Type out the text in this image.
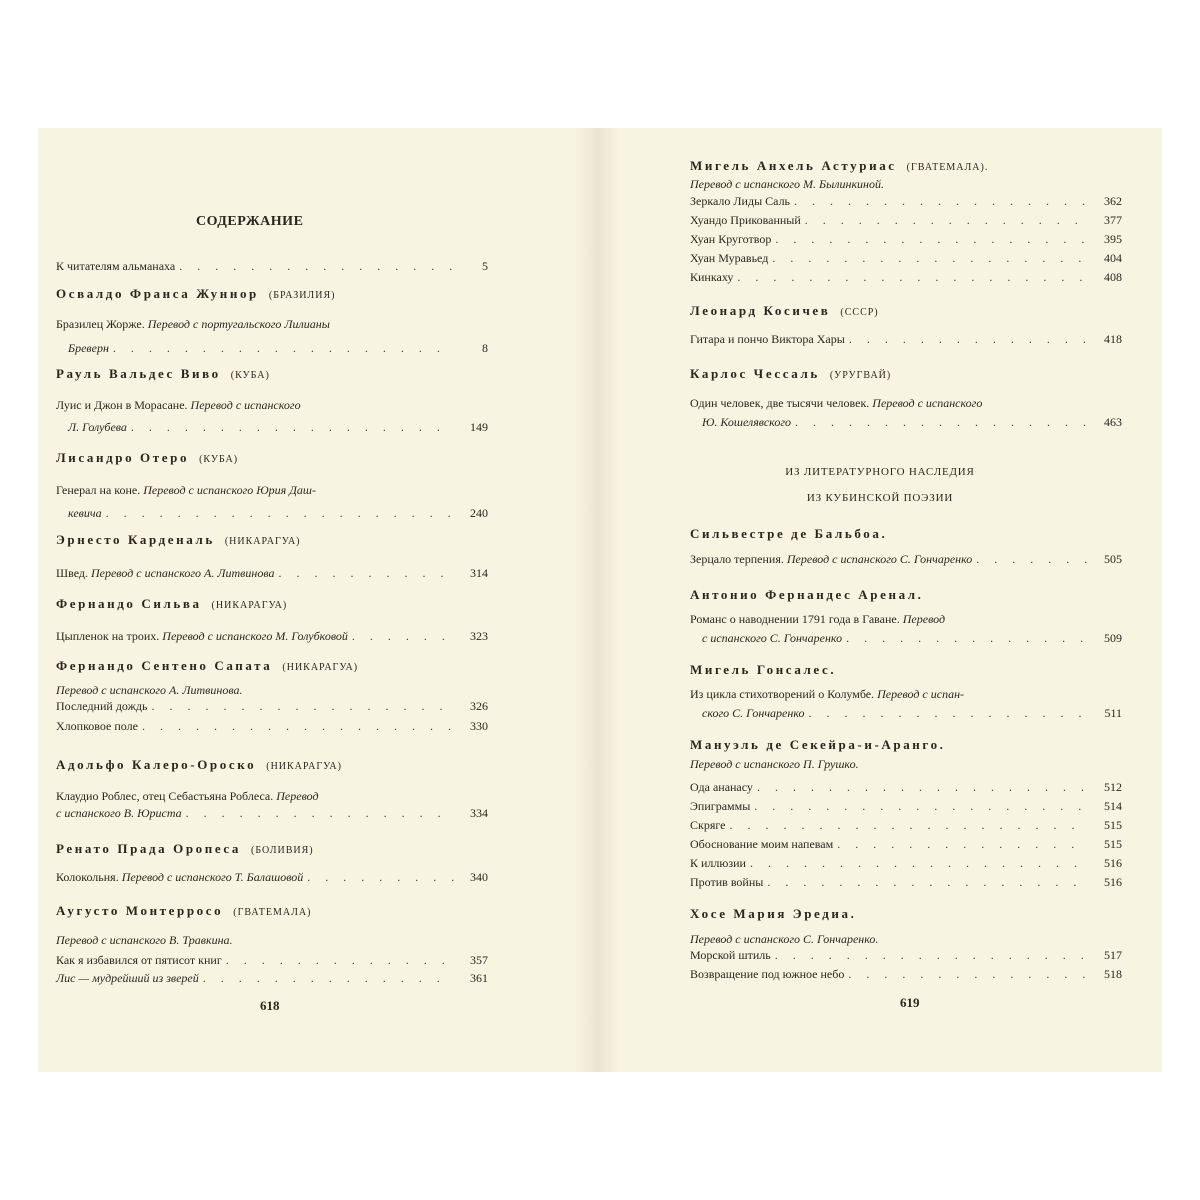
СОДЕРЖАНИЕ
К читателям альманаха . . .	5
Освалдо Франса Жуннор (БРАЗИЛИЯ)
Бразилец Жорже. Перевод с португальского Лилианы
Бреверн . . .	8
Рауль Вальдес Виво (КУБА)
Луис и Джон в Морасане. Перевод с испанского
Л. Голубева . . .	149
Лисандро Отеро (КУБА)
Генерал на коне. Перевод с испанского Юрия Даш-
кевича . . .	240
Эрнесто Карденаль (НИКАРАГУА)
Швед. Перевод с испанского А. Литвинова . . .	314
Фернандо Сильва (НИКАРАГУА)
Цыпленок на троих. Перевод с испанского М. Голубковой . . .	323
Фернандо Сентено Сапата (НИКАРАГУА)
Перевод с испанского А. Литвинова.
Последний дождь . . .	326
Хлопковое поле . . .	330
Адольфо Калеро-Ороско (НИКАРАГУА)
Клаудио Роблес, отец Себастьяна Роблеса. Перевод
с испанского В. Юриста . . .	334
Ренато Прада Оропеса (БОЛИВИЯ)
Колокольня. Перевод с испанского Т. Балашовой . . .	340
Аугусто Монтерросо (ГВАТЕМАЛА)
Перевод с испанского В. Травкина.
Как я избавился от пятисот книг . . .	357
Лис — мудрейший из зверей . . .	361
618
Мигель Анхель Астуриас (ГВАТЕМАЛА).
Перевод с испанского М. Былинкиной.
Зеркало Лиды Саль . . .	362
Хуандо Прикованный . . .	377
Хуан Круготвор . . .	395
Хуан Муравьед . . .	404
Кинкаху . . .	408
Леонард Косичев (СССР)
Гитара и пончо Виктора Хары . . .	418
Карлос Чессаль (УРУГВАЙ)
Один человек, две тысячи человек. Перевод с испанского
Ю. Кошелявского . . .	463
ИЗ ЛИТЕРАТУРНОГО НАСЛЕДИЯ
ИЗ КУБИНСКОЙ ПОЭЗИИ
Сильвестре де Бальбоа.
Зерцало терпения. Перевод с испанского С. Гончаренко . . .	505
Антонио Фернандес Аренал.
Романс о наводнении 1791 года в Гаване. Перевод
с испанского С. Гончаренко . . .	509
Мигель Гонсалес.
Из цикла стихотворений о Колумбе. Перевод с испан-
ского С. Гончаренко . . .	511
Мануэль де Секейра-и-Аранго.
Перевод с испанского П. Грушко.
Ода ананасу . . .	512
Эпиграммы . . .	514
Скряге . . .	515
Обоснование моим напевам . . .	515
К иллюзии . . .	516
Против войны . . .	516
Хосе Мария Эредиа.
Перевод с испанского С. Гончаренко.
Морской штиль . . .	517
Возвращение под южное небо . . .	518
619
